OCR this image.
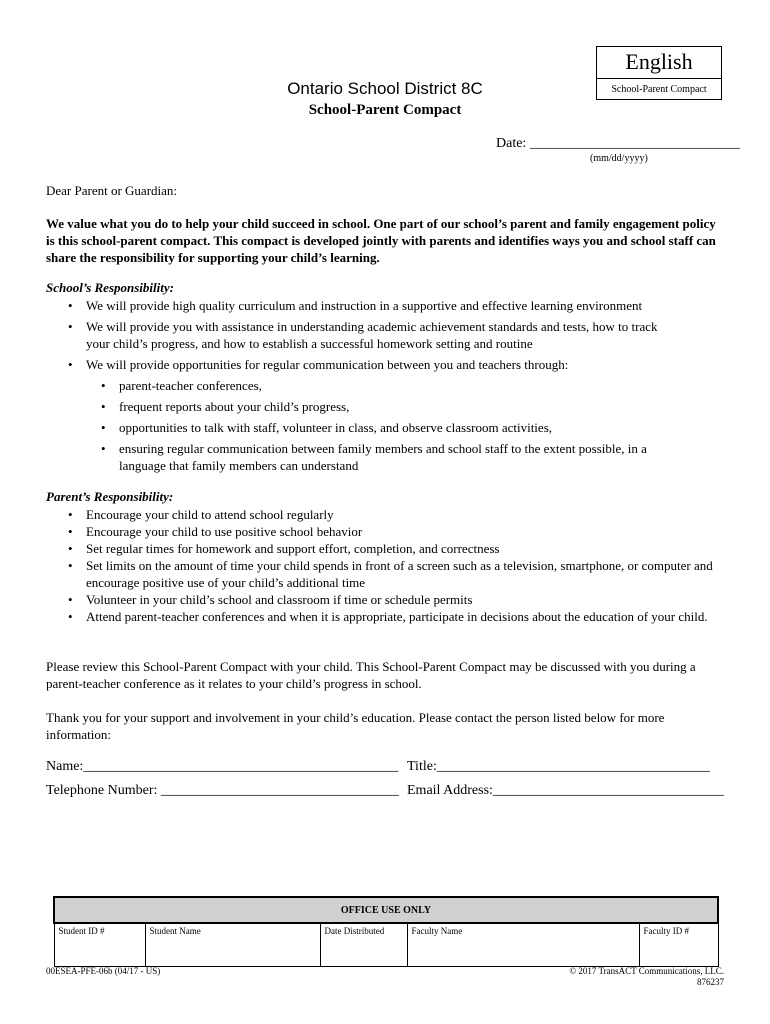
English
School-Parent Compact
Ontario School District 8C
School-Parent Compact
Date: ______________________________
(mm/dd/yyyy)
Dear Parent or Guardian:
We value what you do to help your child succeed in school. One part of our school’s parent and family engagement policy is this school-parent compact. This compact is developed jointly with parents and identifies ways you and school staff can share the responsibility for supporting your child’s learning.
School’s Responsibility:
• We will provide high quality curriculum and instruction in a supportive and effective learning environment
• We will provide you with assistance in understanding academic achievement standards and tests, how to track your child’s progress, and how to establish a successful homework setting and routine
• We will provide opportunities for regular communication between you and teachers through:
• parent-teacher conferences,
• frequent reports about your child’s progress,
• opportunities to talk with staff, volunteer in class, and observe classroom activities,
• ensuring regular communication between family members and school staff to the extent possible, in a language that family members can understand
Parent’s Responsibility:
• Encourage your child to attend school regularly
• Encourage your child to use positive school behavior
• Set regular times for homework and support effort, completion, and correctness
• Set limits on the amount of time your child spends in front of a screen such as a television, smartphone, or computer and encourage positive use of your child’s additional time
• Volunteer in your child’s school and classroom if time or schedule permits
• Attend parent-teacher conferences and when it is appropriate, participate in decisions about the education of your child.
Please review this School-Parent Compact with your child. This School-Parent Compact may be discussed with you during a parent-teacher conference as it relates to your child’s progress in school.
Thank you for your support and involvement in your child’s education. Please contact the person listed below for more information:
Name:_____________________________________________ Title:_______________________________________
Telephone Number: __________________________________ Email Address:_________________________________
OFFICE USE ONLY
Student ID #	Student Name	Date Distributed	Faculty Name	Faculty ID #
00ESEA-PFE-06b (04/17 - US)	© 2017 TransACT Communications, LLC.
876237
